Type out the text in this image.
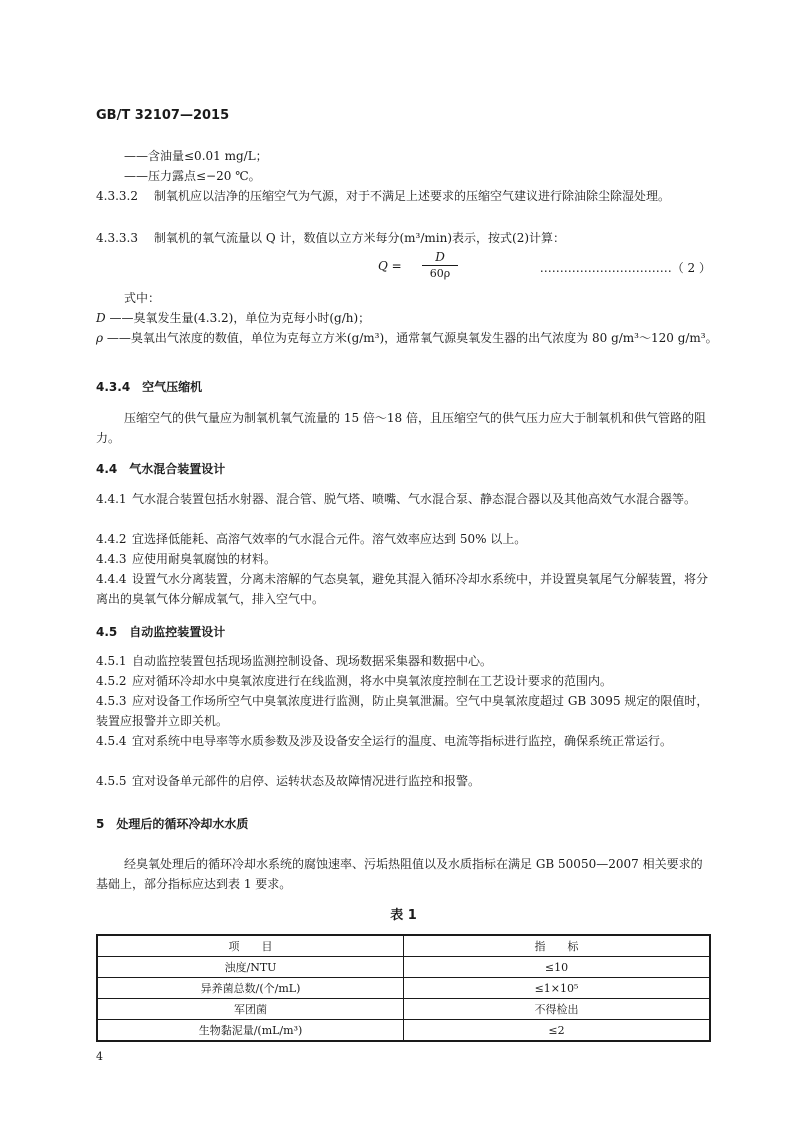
GB/T 32107—2015
——含油量≤0.01 mg/L；
——压力露点≤−20 ℃。
4.3.3.2 制氧机应以洁净的压缩空气为气源，对于不满足上述要求的压缩空气建议进行除油除尘除湿处理。
4.3.3.3 制氧机的氧气流量以 Q 计，数值以立方米每分(m³/min)表示，按式(2)计算：
$Q = \frac{D}{60\rho}$	……………………………（ 2 ）
式中：
D ——臭氧发生量(4.3.2)，单位为克每小时(g/h)；
ρ ——臭氧出气浓度的数值，单位为克每立方米(g/m³)，通常氧气源臭氧发生器的出气浓度为 80 g/m³～120 g/m³。
4.3.4　空气压缩机
压缩空气的供气量应为制氧机氧气流量的 15 倍～18 倍，且压缩空气的供气压力应大于制氧机和供气管路的阻力。
4.4　气水混合装置设计
4.4.1 气水混合装置包括水射器、混合管、脱气塔、喷嘴、气水混合泵、静态混合器以及其他高效气水混合器等。
4.4.2 宜选择低能耗、高溶气效率的气水混合元件。溶气效率应达到 50% 以上。
4.4.3 应使用耐臭氧腐蚀的材料。
4.4.4 设置气水分离装置，分离未溶解的气态臭氧，避免其混入循环冷却水系统中，并设置臭氧尾气分解装置，将分离出的臭氧气体分解成氧气，排入空气中。
4.5　自动监控装置设计
4.5.1 自动监控装置包括现场监测控制设备、现场数据采集器和数据中心。
4.5.2 应对循环冷却水中臭氧浓度进行在线监测，将水中臭氧浓度控制在工艺设计要求的范围内。
4.5.3 应对设备工作场所空气中臭氧浓度进行监测，防止臭氧泄漏。空气中臭氧浓度超过 GB 3095 规定的限值时，装置应报警并立即关机。
4.5.4 宜对系统中电导率等水质参数及涉及设备安全运行的温度、电流等指标进行监控，确保系统正常运行。
4.5.5 宜对设备单元部件的启停、运转状态及故障情况进行监控和报警。
5　处理后的循环冷却水水质
经臭氧处理后的循环冷却水系统的腐蚀速率、污垢热阻值以及水质指标在满足 GB 50050—2007 相关要求的基础上，部分指标应达到表 1 要求。
表 1
项　　目	指　　标
浊度/NTU	≤10
异养菌总数/(个/mL)	≤1×10⁵
军团菌	不得检出
生物黏泥量/(mL/m³)	≤2
4
